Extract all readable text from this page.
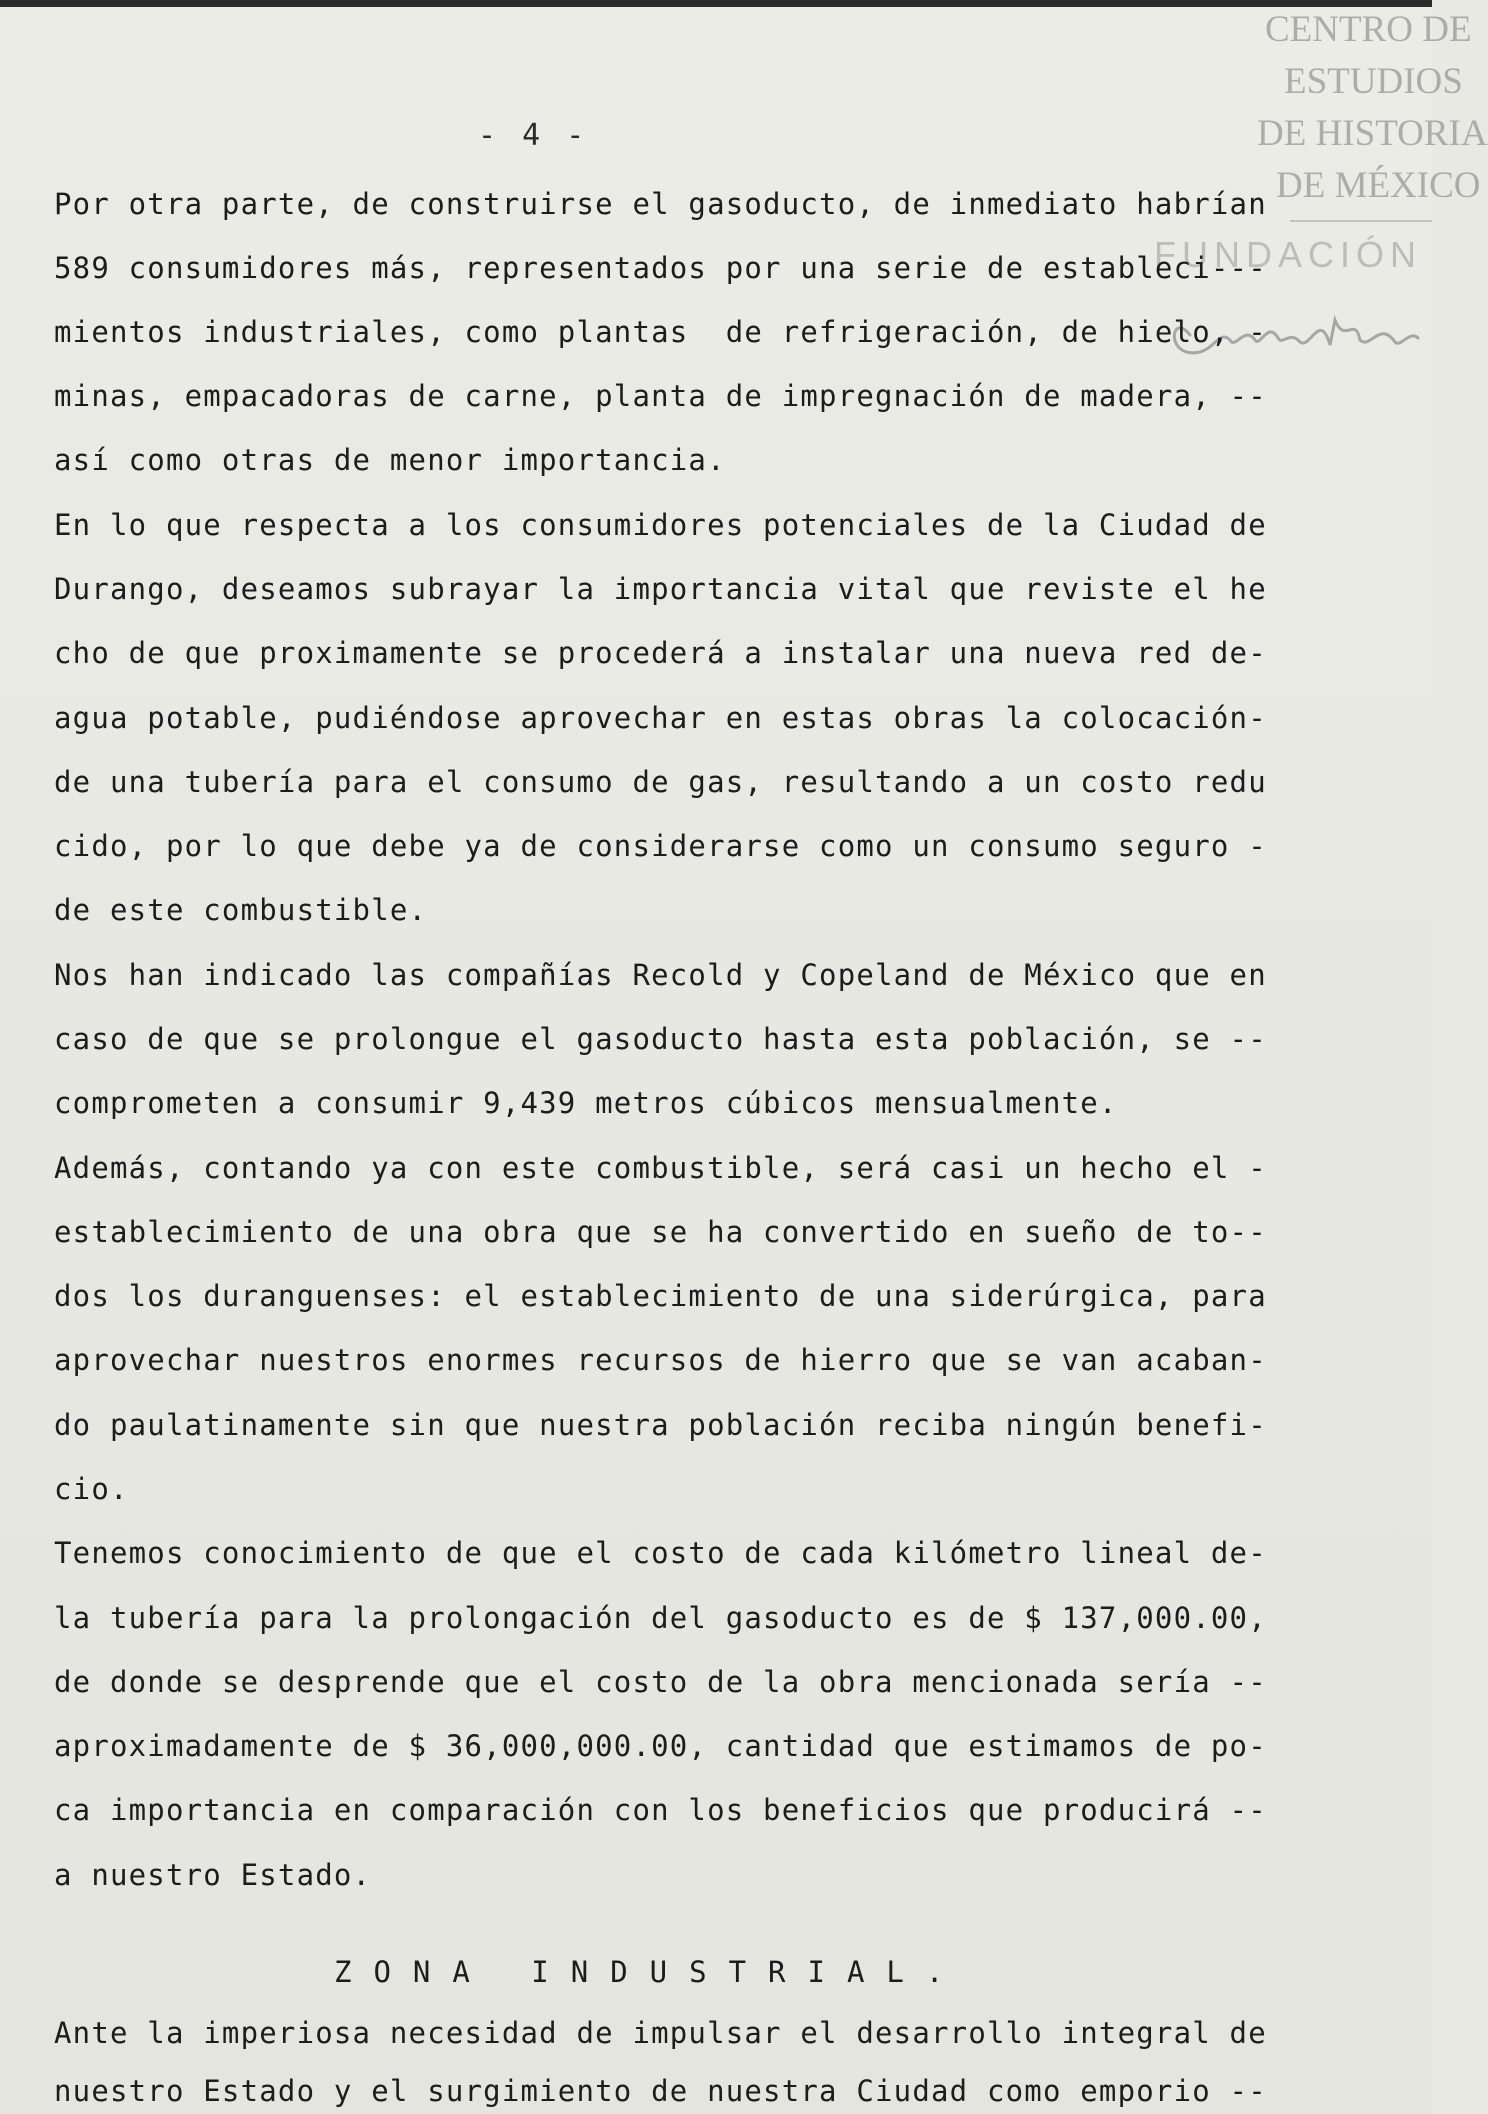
CENTRO DE
ESTUDIOS
DE HISTORIA
DE MÉXICO
FUNDACIÓN
- 4 -
Por otra parte, de construirse el gasoducto, de inmediato habrían
589 consumidores más, representados por una serie de estableci---
mientos industriales, como plantas  de refrigeración, de hielo, -
minas, empacadoras de carne, planta de impregnación de madera, --
así como otras de menor importancia.
En lo que respecta a los consumidores potenciales de la Ciudad de
Durango, deseamos subrayar la importancia vital que reviste el he
cho de que proximamente se procederá a instalar una nueva red de-
agua potable, pudiéndose aprovechar en estas obras la colocación-
de una tubería para el consumo de gas, resultando a un costo redu
cido, por lo que debe ya de considerarse como un consumo seguro -
de este combustible.
Nos han indicado las compañías Recold y Copeland de México que en
caso de que se prolongue el gasoducto hasta esta población, se --
comprometen a consumir 9,439 metros cúbicos mensualmente.
Además, contando ya con este combustible, será casi un hecho el -
establecimiento de una obra que se ha convertido en sueño de to--
dos los duranguenses: el establecimiento de una siderúrgica, para
aprovechar nuestros enormes recursos de hierro que se van acaban-
do paulatinamente sin que nuestra población reciba ningún benefi-
cio.
Tenemos conocimiento de que el costo de cada kilómetro lineal de-
la tubería para la prolongación del gasoducto es de $ 137,000.00,
de donde se desprende que el costo de la obra mencionada sería --
aproximadamente de $ 36,000,000.00, cantidad que estimamos de po-
ca importancia en comparación con los beneficios que producirá --
a nuestro Estado.
ZONA INDUSTRIAL.
Ante la imperiosa necesidad de impulsar el desarrollo integral de
nuestro Estado y el surgimiento de nuestra Ciudad como emporio --
